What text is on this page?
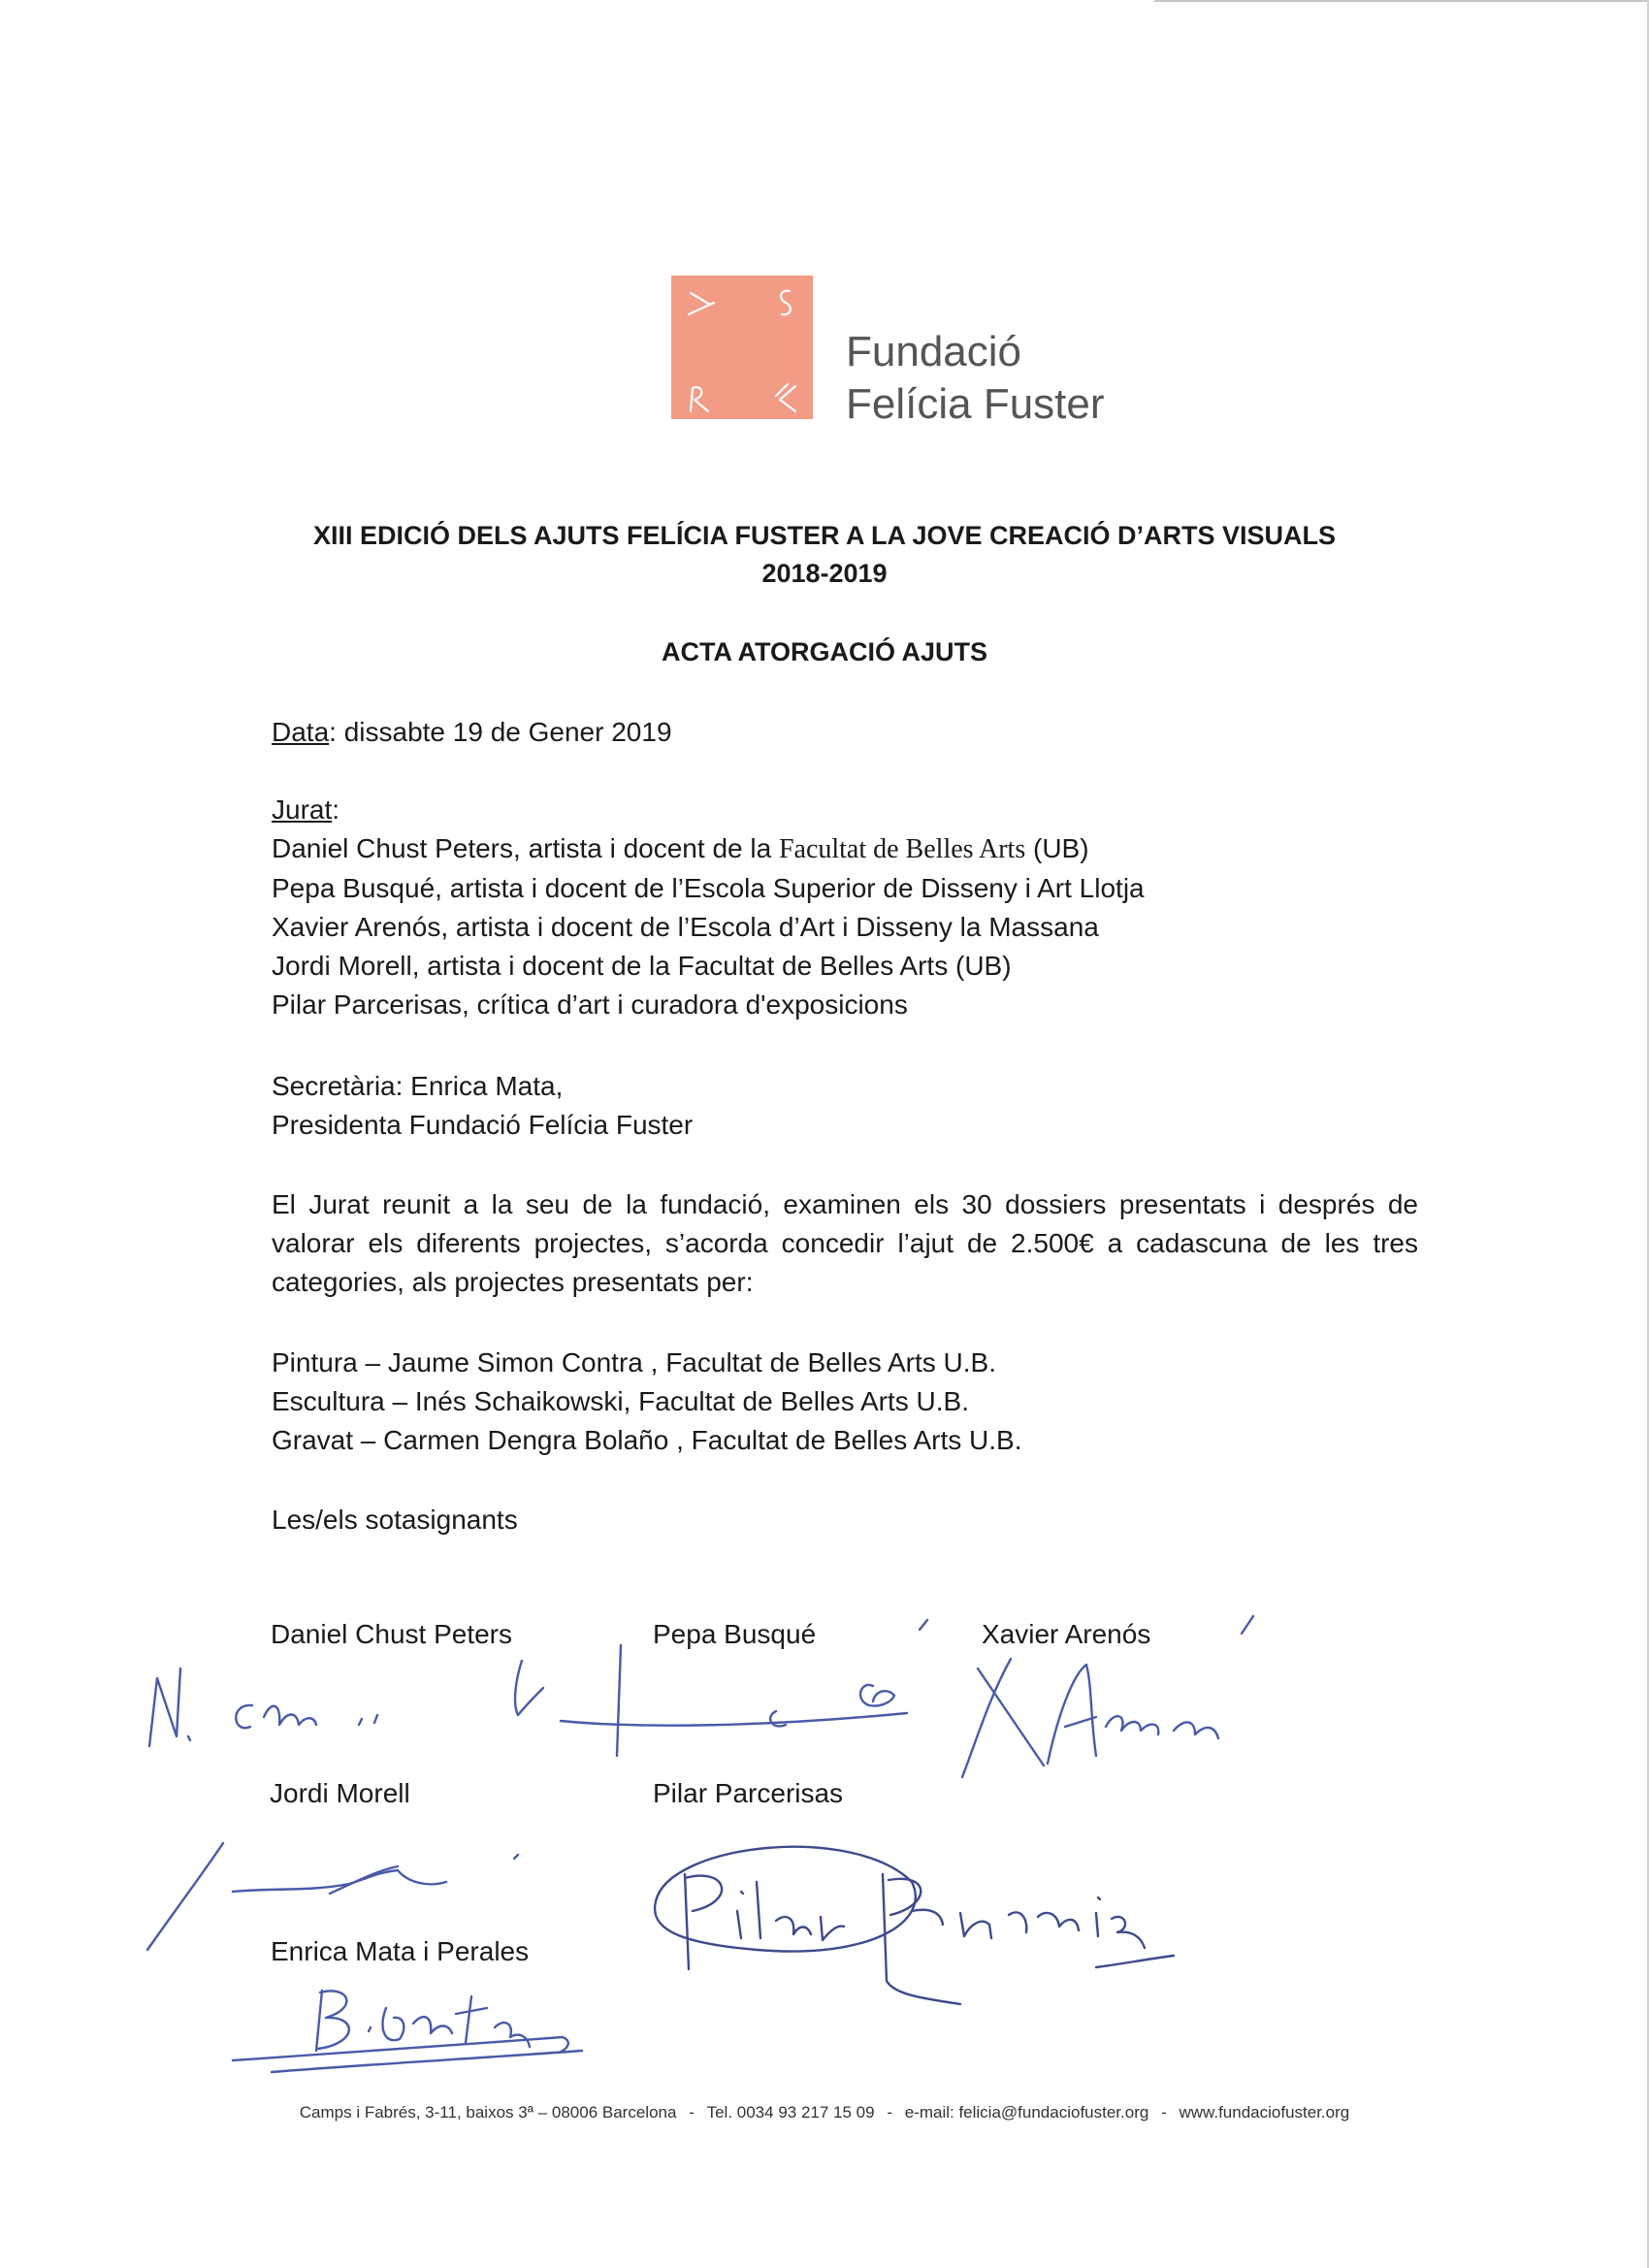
Fundació
Felícia Fuster
XIII EDICIÓ DELS AJUTS FELÍCIA FUSTER A LA JOVE CREACIÓ D’ARTS VISUALS
2018-2019
ACTA ATORGACIÓ AJUTS
Data: dissabte 19 de Gener 2019
Jurat:
Daniel Chust Peters, artista i docent de la Facultat de Belles Arts (UB)
Pepa Busqué, artista i docent de l’Escola Superior de Disseny i Art Llotja
Xavier Arenós, artista i docent de l’Escola d’Art i Disseny la Massana
Jordi Morell, artista i docent de la Facultat de Belles Arts (UB)
Pilar Parcerisas, crítica d’art i curadora d'exposicions
Secretària: Enrica Mata,
Presidenta Fundació Felícia Fuster
El Jurat reunit a la seu de la fundació, examinen els 30 dossiers presentats i després de valorar els diferents projectes, s’acorda concedir l’ajut de 2.500€ a cadascuna de les tres categories, als projectes presentats per:
Pintura – Jaume Simon Contra , Facultat de Belles Arts U.B.
Escultura – Inés Schaikowski, Facultat de Belles Arts U.B.
Gravat – Carmen Dengra Bolaño , Facultat de Belles Arts U.B.
Les/els sotasignants
Daniel Chust Peters	Pepa Busqué	Xavier Arenós
Jordi Morell	Pilar Parcerisas
Enrica Mata i Perales
Camps i Fabrés, 3-11, baixos 3ª – 08006 Barcelona - Tel. 0034 93 217 15 09 - e-mail: felicia@fundaciofuster.org - www.fundaciofuster.org
